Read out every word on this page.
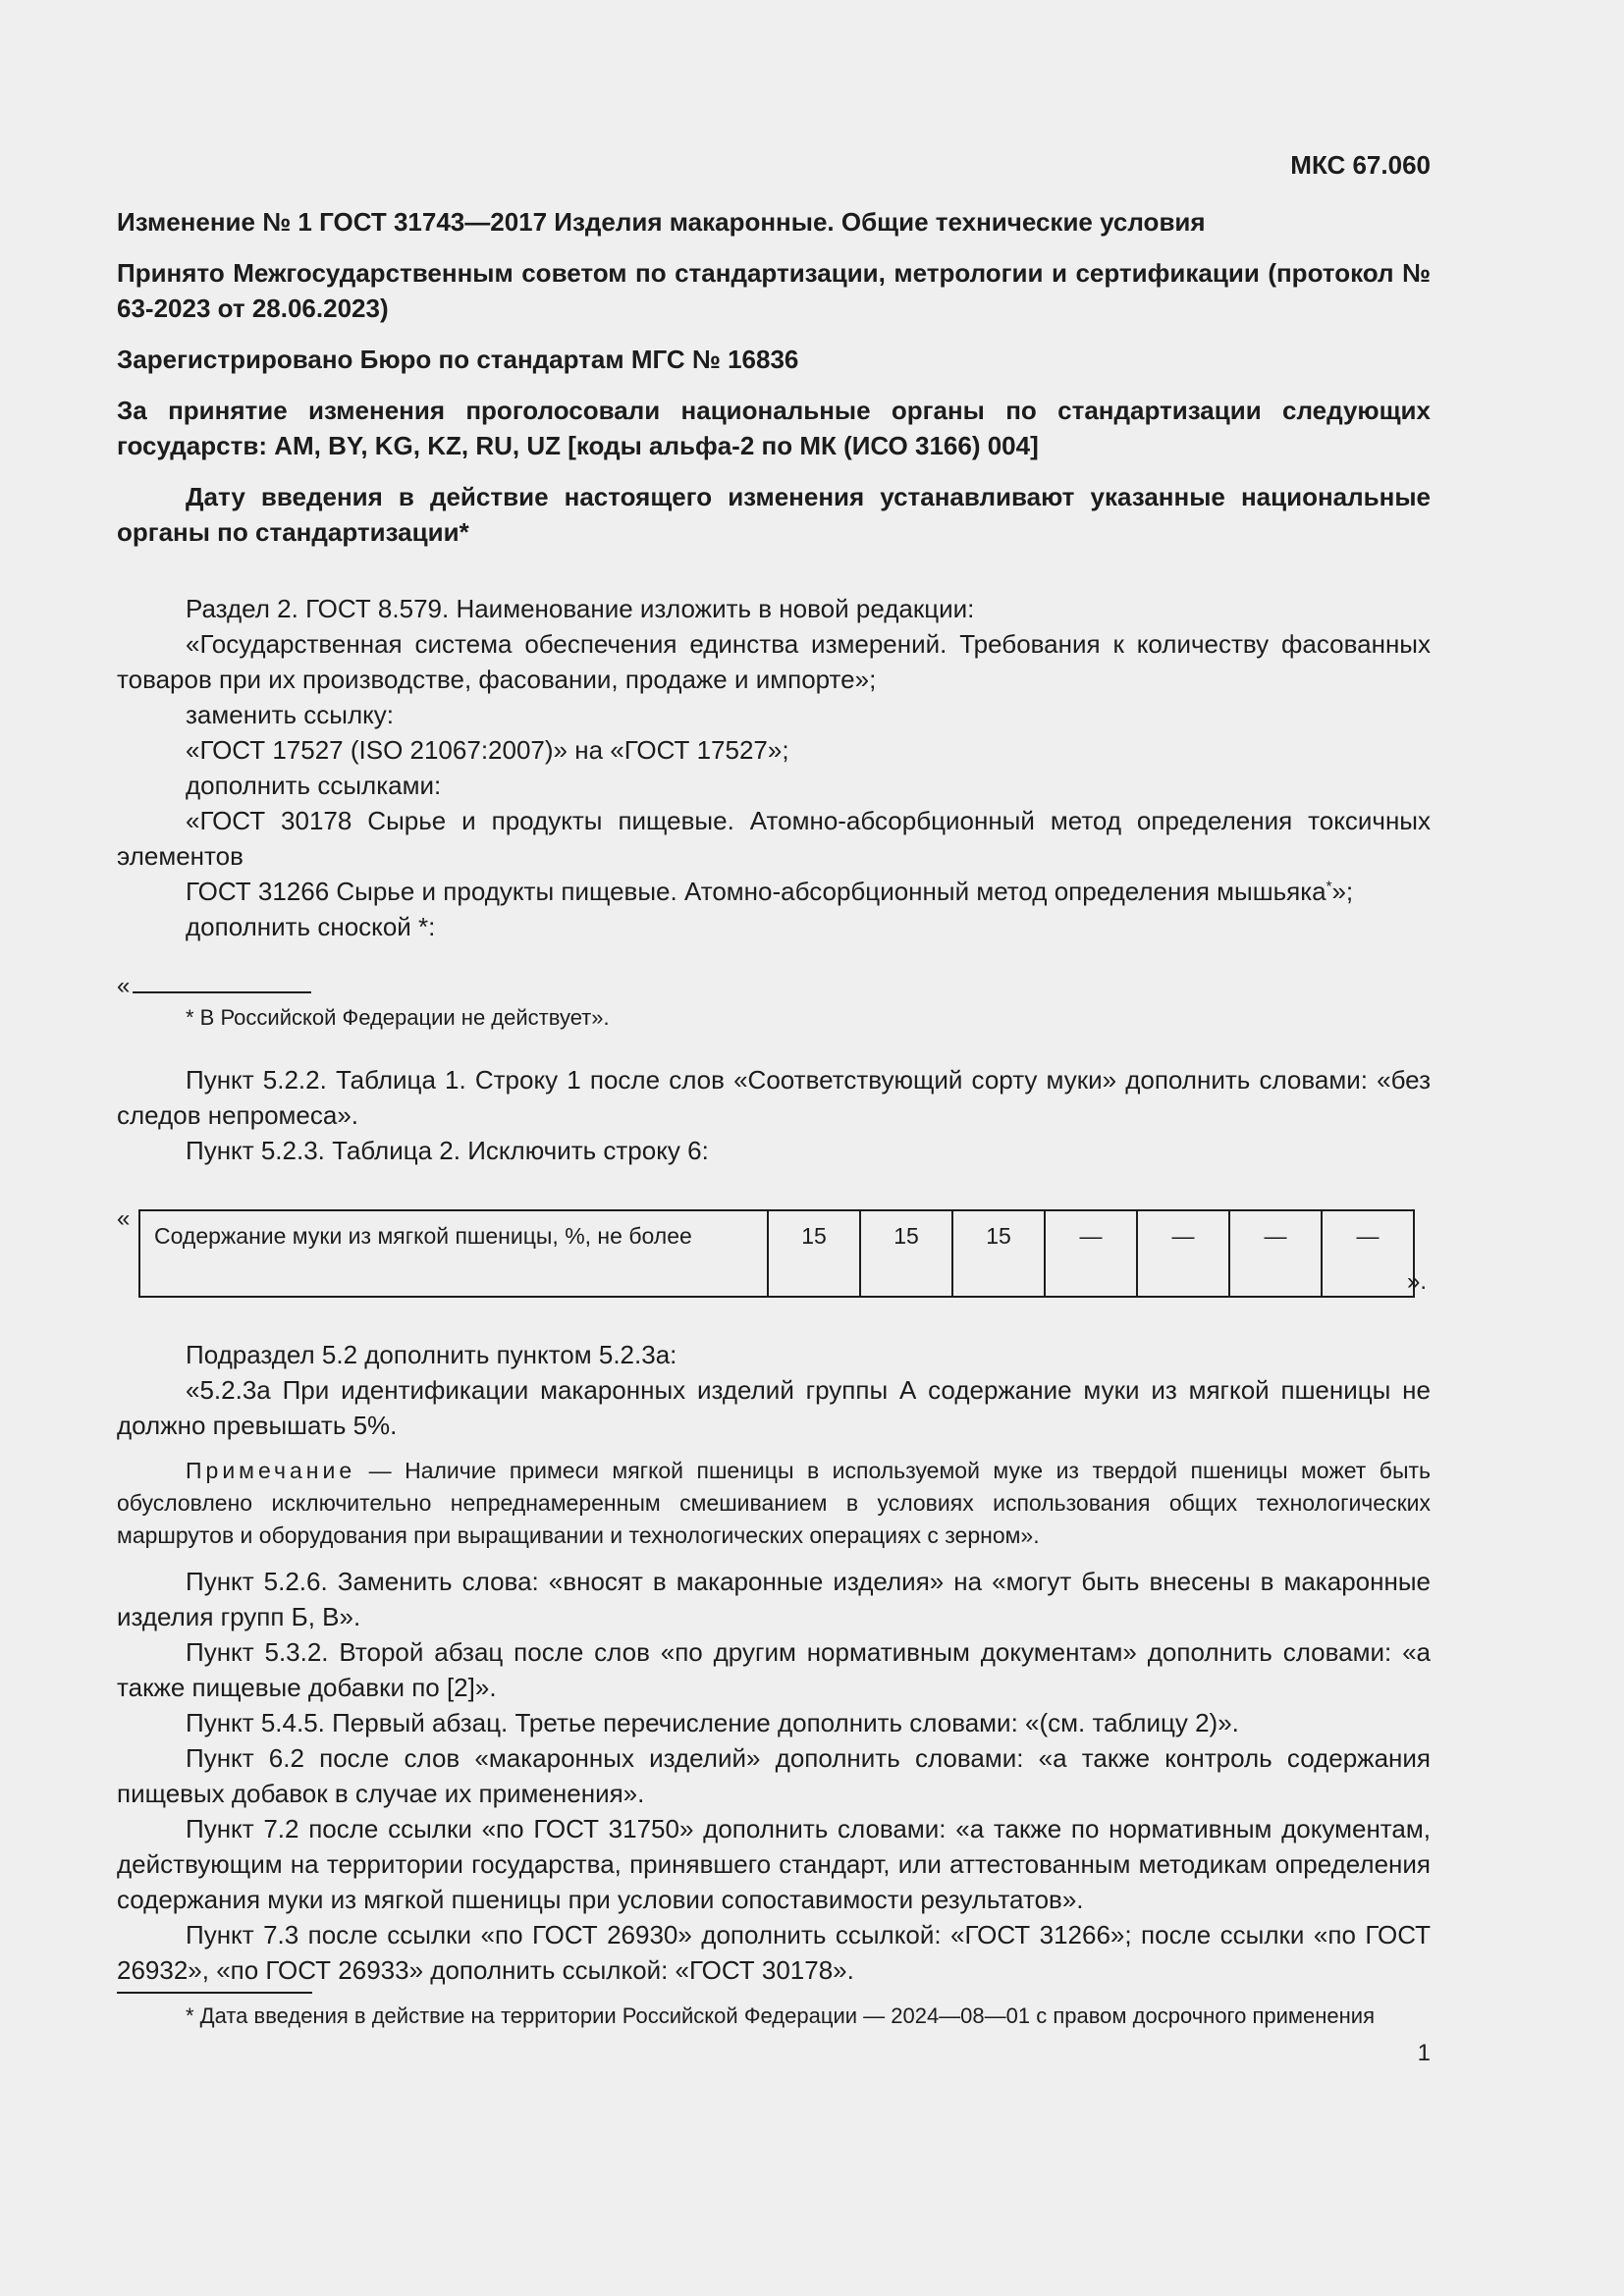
МКС 67.060
Изменение № 1 ГОСТ 31743—2017 Изделия макаронные. Общие технические условия
Принято Межгосударственным советом по стандартизации, метрологии и сертификации (протокол № 63-2023 от 28.06.2023)
Зарегистрировано Бюро по стандартам МГС № 16836
За принятие изменения проголосовали национальные органы по стандартизации следующих государств: AM, BY, KG, KZ, RU, UZ [коды альфа-2 по МК (ИСО 3166) 004]
Дату введения в действие настоящего изменения устанавливают указанные национальные органы по стандартизации*

Раздел 2. ГОСТ 8.579. Наименование изложить в новой редакции:

«Государственная система обеспечения единства измерений. Требования к количеству фасованных товаров при их производстве, фасовании, продаже и импорте»;

заменить ссылку:

«ГОСТ 17527 (ISO 21067:2007)» на «ГОСТ 17527»;

дополнить ссылками:

«ГОСТ 30178 Сырье и продукты пищевые. Атомно-абсорбционный метод определения токсичных элементов

ГОСТ 31266 Сырье и продукты пищевые. Атомно-абсорбционный метод определения мышьяка*»;

дополнить сноской *:

«

* В Российской Федерации не действует».

Пункт 5.2.2. Таблица 1. Строку 1 после слов «Соответствующий сорту муки» дополнить словами: «без следов непромеса».

Пункт 5.2.3. Таблица 2. Исключить строку 6:

«
Содержание муки из мягкой пшеницы, %, не более	15	15	15	—	—	—	—
».

Подраздел 5.2 дополнить пунктом 5.2.3а:

«5.2.3а При идентификации макаронных изделий группы А содержание муки из мягкой пшеницы не должно превышать 5%.

Примечание — Наличие примеси мягкой пшеницы в используемой муке из твердой пшеницы может быть обусловлено исключительно непреднамеренным смешиванием в условиях использования общих технологических маршрутов и оборудования при выращивании и технологических операциях с зерном».

Пункт 5.2.6. Заменить слова: «вносят в макаронные изделия» на «могут быть внесены в макаронные изделия групп Б, В».

Пункт 5.3.2. Второй абзац после слов «по другим нормативным документам» дополнить словами: «а также пищевые добавки по [2]».

Пункт 5.4.5. Первый абзац. Третье перечисление дополнить словами: «(см. таблицу 2)».

Пункт 6.2 после слов «макаронных изделий» дополнить словами: «а также контроль содержания пищевых добавок в случае их применения».

Пункт 7.2 после ссылки «по ГОСТ 31750» дополнить словами: «а также по нормативным документам, действующим на территории государства, принявшего стандарт, или аттестованным методикам определения содержания муки из мягкой пшеницы при условии сопоставимости результатов».

Пункт 7.3 после ссылки «по ГОСТ 26930» дополнить ссылкой: «ГОСТ 31266»; после ссылки «по ГОСТ 26932», «по ГОСТ 26933» дополнить ссылкой: «ГОСТ 30178».

* Дата введения в действие на территории Российской Федерации — 2024—08—01 с правом досрочного применения

1
